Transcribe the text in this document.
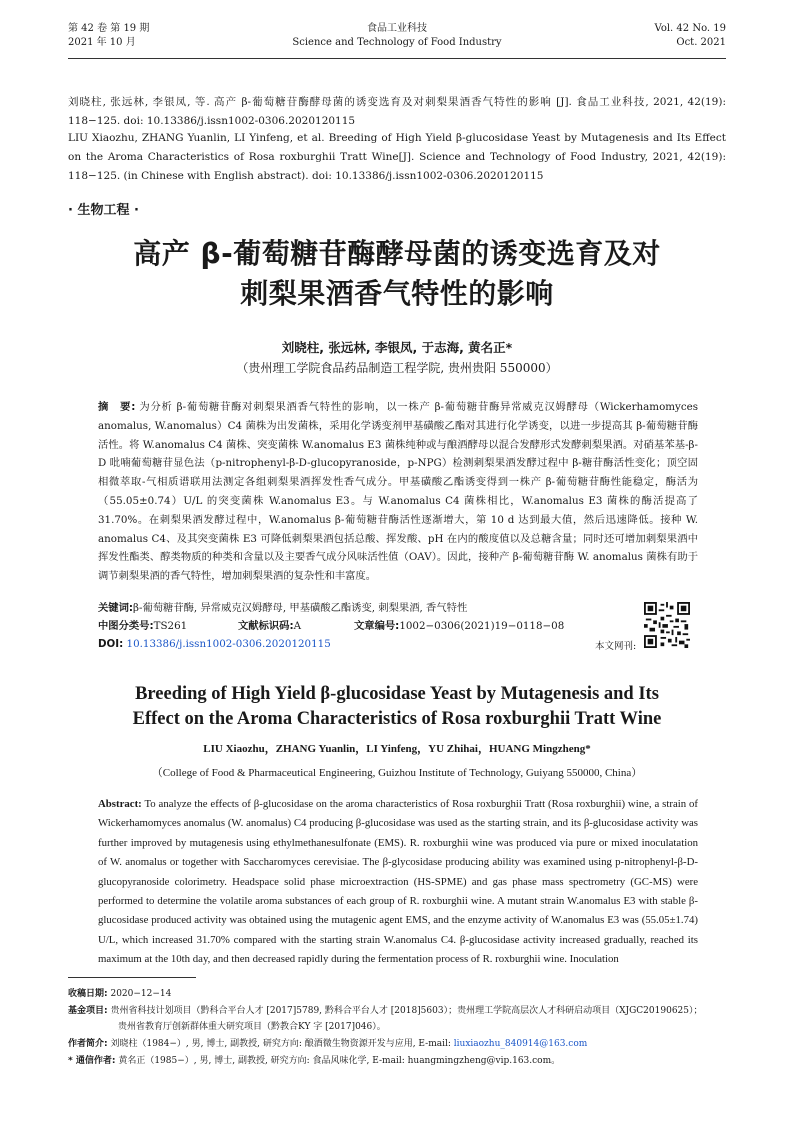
第 42 卷 第 19 期
2021 年 10 月
食品工业科技
Science and Technology of Food Industry
Vol. 42 No. 19
Oct. 2021
刘晓柱, 张远林, 李银凤, 等. 高产 β-葡萄糖苷酶酵母菌的诱变选育及对刺梨果酒香气特性的影响 [J]. 食品工业科技, 2021, 42(19): 118−125. doi: 10.13386/j.issn1002-0306.2020120115
LIU Xiaozhu, ZHANG Yuanlin, LI Yinfeng, et al. Breeding of High Yield β-glucosidase Yeast by Mutagenesis and Its Effect on the Aroma Characteristics of Rosa roxburghii Tratt Wine[J]. Science and Technology of Food Industry, 2021, 42(19): 118−125. (in Chinese with English abstract). doi: 10.13386/j.issn1002-0306.2020120115
· 生物工程 ·
高产 β-葡萄糖苷酶酵母菌的诱变选育及对
刺梨果酒香气特性的影响
刘晓柱, 张远林, 李银凤, 于志海, 黄名正*
（贵州理工学院食品药品制造工程学院, 贵州贵阳 550000）
摘　要: 为分析 β-葡萄糖苷酶对刺梨果酒香气特性的影响，以一株产 β-葡萄糖苷酶异常威克汉姆酵母（Wickerhamomyces anomalus, W.anomalus）C4 菌株为出发菌株，采用化学诱变剂甲基磺酸乙酯对其进行化学诱变，以进一步提高其 β-葡萄糖苷酶活性。将 W.anomalus C4 菌株、突变菌株 W.anomalus E3 菌株纯种或与酿酒酵母以混合发酵形式发酵刺梨果酒。对硝基苯基-β-D 吡喃葡萄糖苷显色法（p-nitrophenyl-β-D-glucopyranoside，p-NPG）检测刺梨果酒发酵过程中 β-糖苷酶活性变化；顶空固相微萃取-气相质谱联用法测定各组刺梨果酒挥发性香气成分。甲基磺酸乙酯诱变得到一株产 β-葡萄糖苷酶性能稳定，酶活为（55.05±0.74）U/L 的突变菌株 W.anomalus E3。与 W.anomalus C4 菌株相比，W.anomalus E3 菌株的酶活提高了 31.70%。在刺梨果酒发酵过程中，W.anomalus β-葡萄糖苷酶活性逐渐增大，第 10 d 达到最大值，然后迅速降低。接种 W. anomalus C4、及其突变菌株 E3 可降低刺梨果酒包括总酸、挥发酸、pH 在内的酸度值以及总糖含量；同时还可增加刺梨果酒中挥发性酯类、醇类物质的种类和含量以及主要香气成分风味活性值（OAV）。因此，接种产 β-葡萄糖苷酶 W. anomalus 菌株有助于调节刺梨果酒的香气特性，增加刺梨果酒的复杂性和丰富度。
关键词:β-葡萄糖苷酶, 异常威克汉姆酵母, 甲基磺酸乙酯诱变, 刺梨果酒, 香气特性
中图分类号:TS261	文献标识码:A	文章编号:1002−0306(2021)19−0118−08
DOI: 10.13386/j.issn1002-0306.2020120115	本文网刊:
Breeding of High Yield β-glucosidase Yeast by Mutagenesis and Its
Effect on the Aroma Characteristics of Rosa roxburghii Tratt Wine
LIU Xiaozhu，ZHANG Yuanlin，LI Yinfeng，YU Zhihai，HUANG Mingzheng*
（College of Food & Pharmaceutical Engineering, Guizhou Institute of Technology, Guiyang 550000, China）
Abstract: To analyze the effects of β-glucosidase on the aroma characteristics of Rosa roxburghii Tratt (Rosa roxburghii) wine, a strain of Wickerhamomyces anomalus (W. anomalus) C4 producing β-glucosidase was used as the starting strain, and its β-glucosidase activity was further improved by mutagenesis using ethylmethanesulfonate (EMS). R. roxburghii wine was produced via pure or mixed inoculatation of W. anomalus or together with Saccharomyces cerevisiae. The β-glycosidase producing ability was examined using p-nitrophenyl-β-D-glucopyranoside colorimetry. Headspace solid phase microextraction (HS-SPME) and gas phase mass spectrometry (GC-MS) were performed to determine the volatile aroma substances of each group of R. roxburghii wine. A mutant strain W.anomalus E3 with stable β-glucosidase produced activity was obtained using the mutagenic agent EMS, and the enzyme activity of W.anomalus E3 was (55.05±1.74) U/L, which increased 31.70% compared with the starting strain W.anomalus C4. β-glucosidase activity increased gradually, reached its maximum at the 10th day, and then decreased rapidly during the fermentation process of R. roxburghii wine. Inoculation
收稿日期: 2020−12−14
基金项目: 贵州省科技计划项目（黔科合平台人才 [2017]5789, 黔科合平台人才 [2018]5603）；贵州理工学院高层次人才科研启动项目（XJGC20190625）；
贵州省教育厅创新群体重大研究项目（黔教合KY 字 [2017]046）。
作者简介: 刘晓柱（1984−）, 男, 博士, 副教授, 研究方向: 酿酒微生物资源开发与应用, E-mail: liuxiaozhu_840914@163.com
* 通信作者: 黄名正（1985−）, 男, 博士, 副教授, 研究方向: 食品风味化学, E-mail: huangmingzheng@vip.163.com。
